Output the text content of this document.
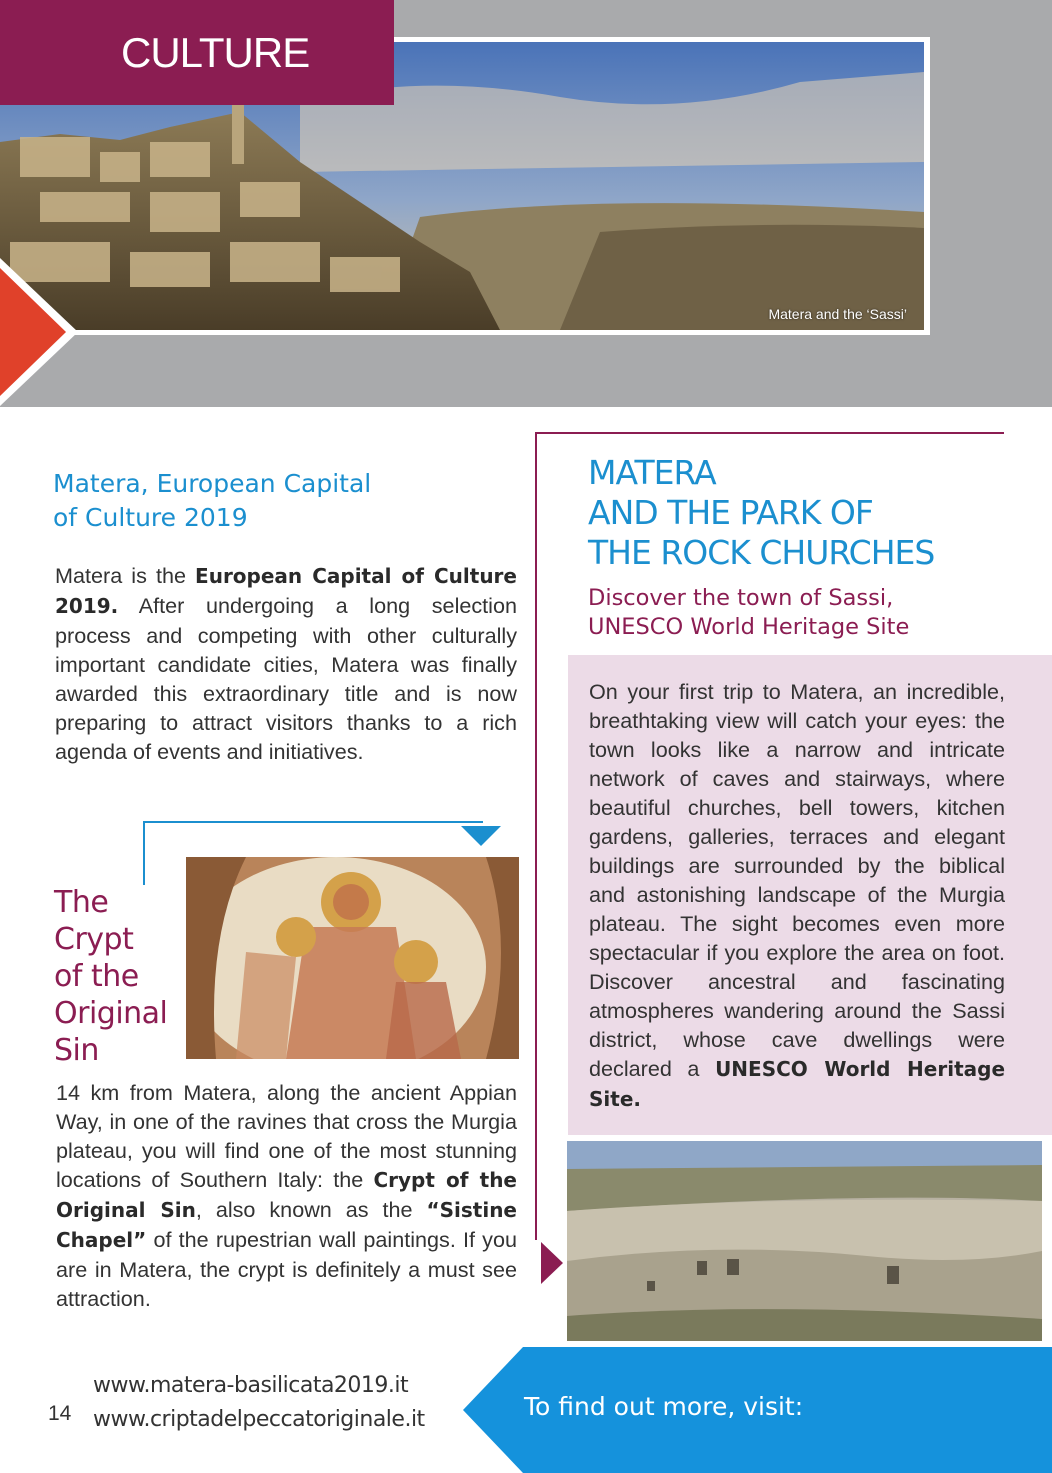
CULTURE
Matera and the ‘Sassi’
Matera, European Capital
of Culture 2019
Matera is the European Capital of Culture 2019. After undergoing a long selection process and competing with other culturally important candidate cities, Matera was finally awarded this extraordinary title and is now preparing to attract visitors thanks to a rich agenda of events and initiatives.
The
Crypt
of the
Original
Sin
14 km from Matera, along the ancient Appian Way, in one of the ravines that cross the Murgia plateau, you will find one of the most stunning locations of Southern Italy: the Crypt of the Original Sin, also known as the “Sistine Chapel” of the rupestrian wall paintings. If you are in Matera, the crypt is definitely a must see attraction.
MATERA
AND THE PARK OF
THE ROCK CHURCHES
Discover the town of Sassi,
UNESCO World Heritage Site
On your first trip to Matera, an incredible, breathtaking view will catch your eyes: the town looks like a narrow and intricate network of caves and stairways, where beautiful churches, bell towers, kitchen gardens, galleries, terraces and elegant buildings are surrounded by the biblical and astonishing landscape of the Murgia plateau. The sight becomes even more spectacular if you explore the area on foot. Discover ancestral and fascinating atmospheres wandering around the Sassi district, whose cave dwellings were declared a UNESCO World Heritage Site.
14
www.matera-basilicata2019.it
www.criptadelpeccatoriginale.it	To find out more, visit:
